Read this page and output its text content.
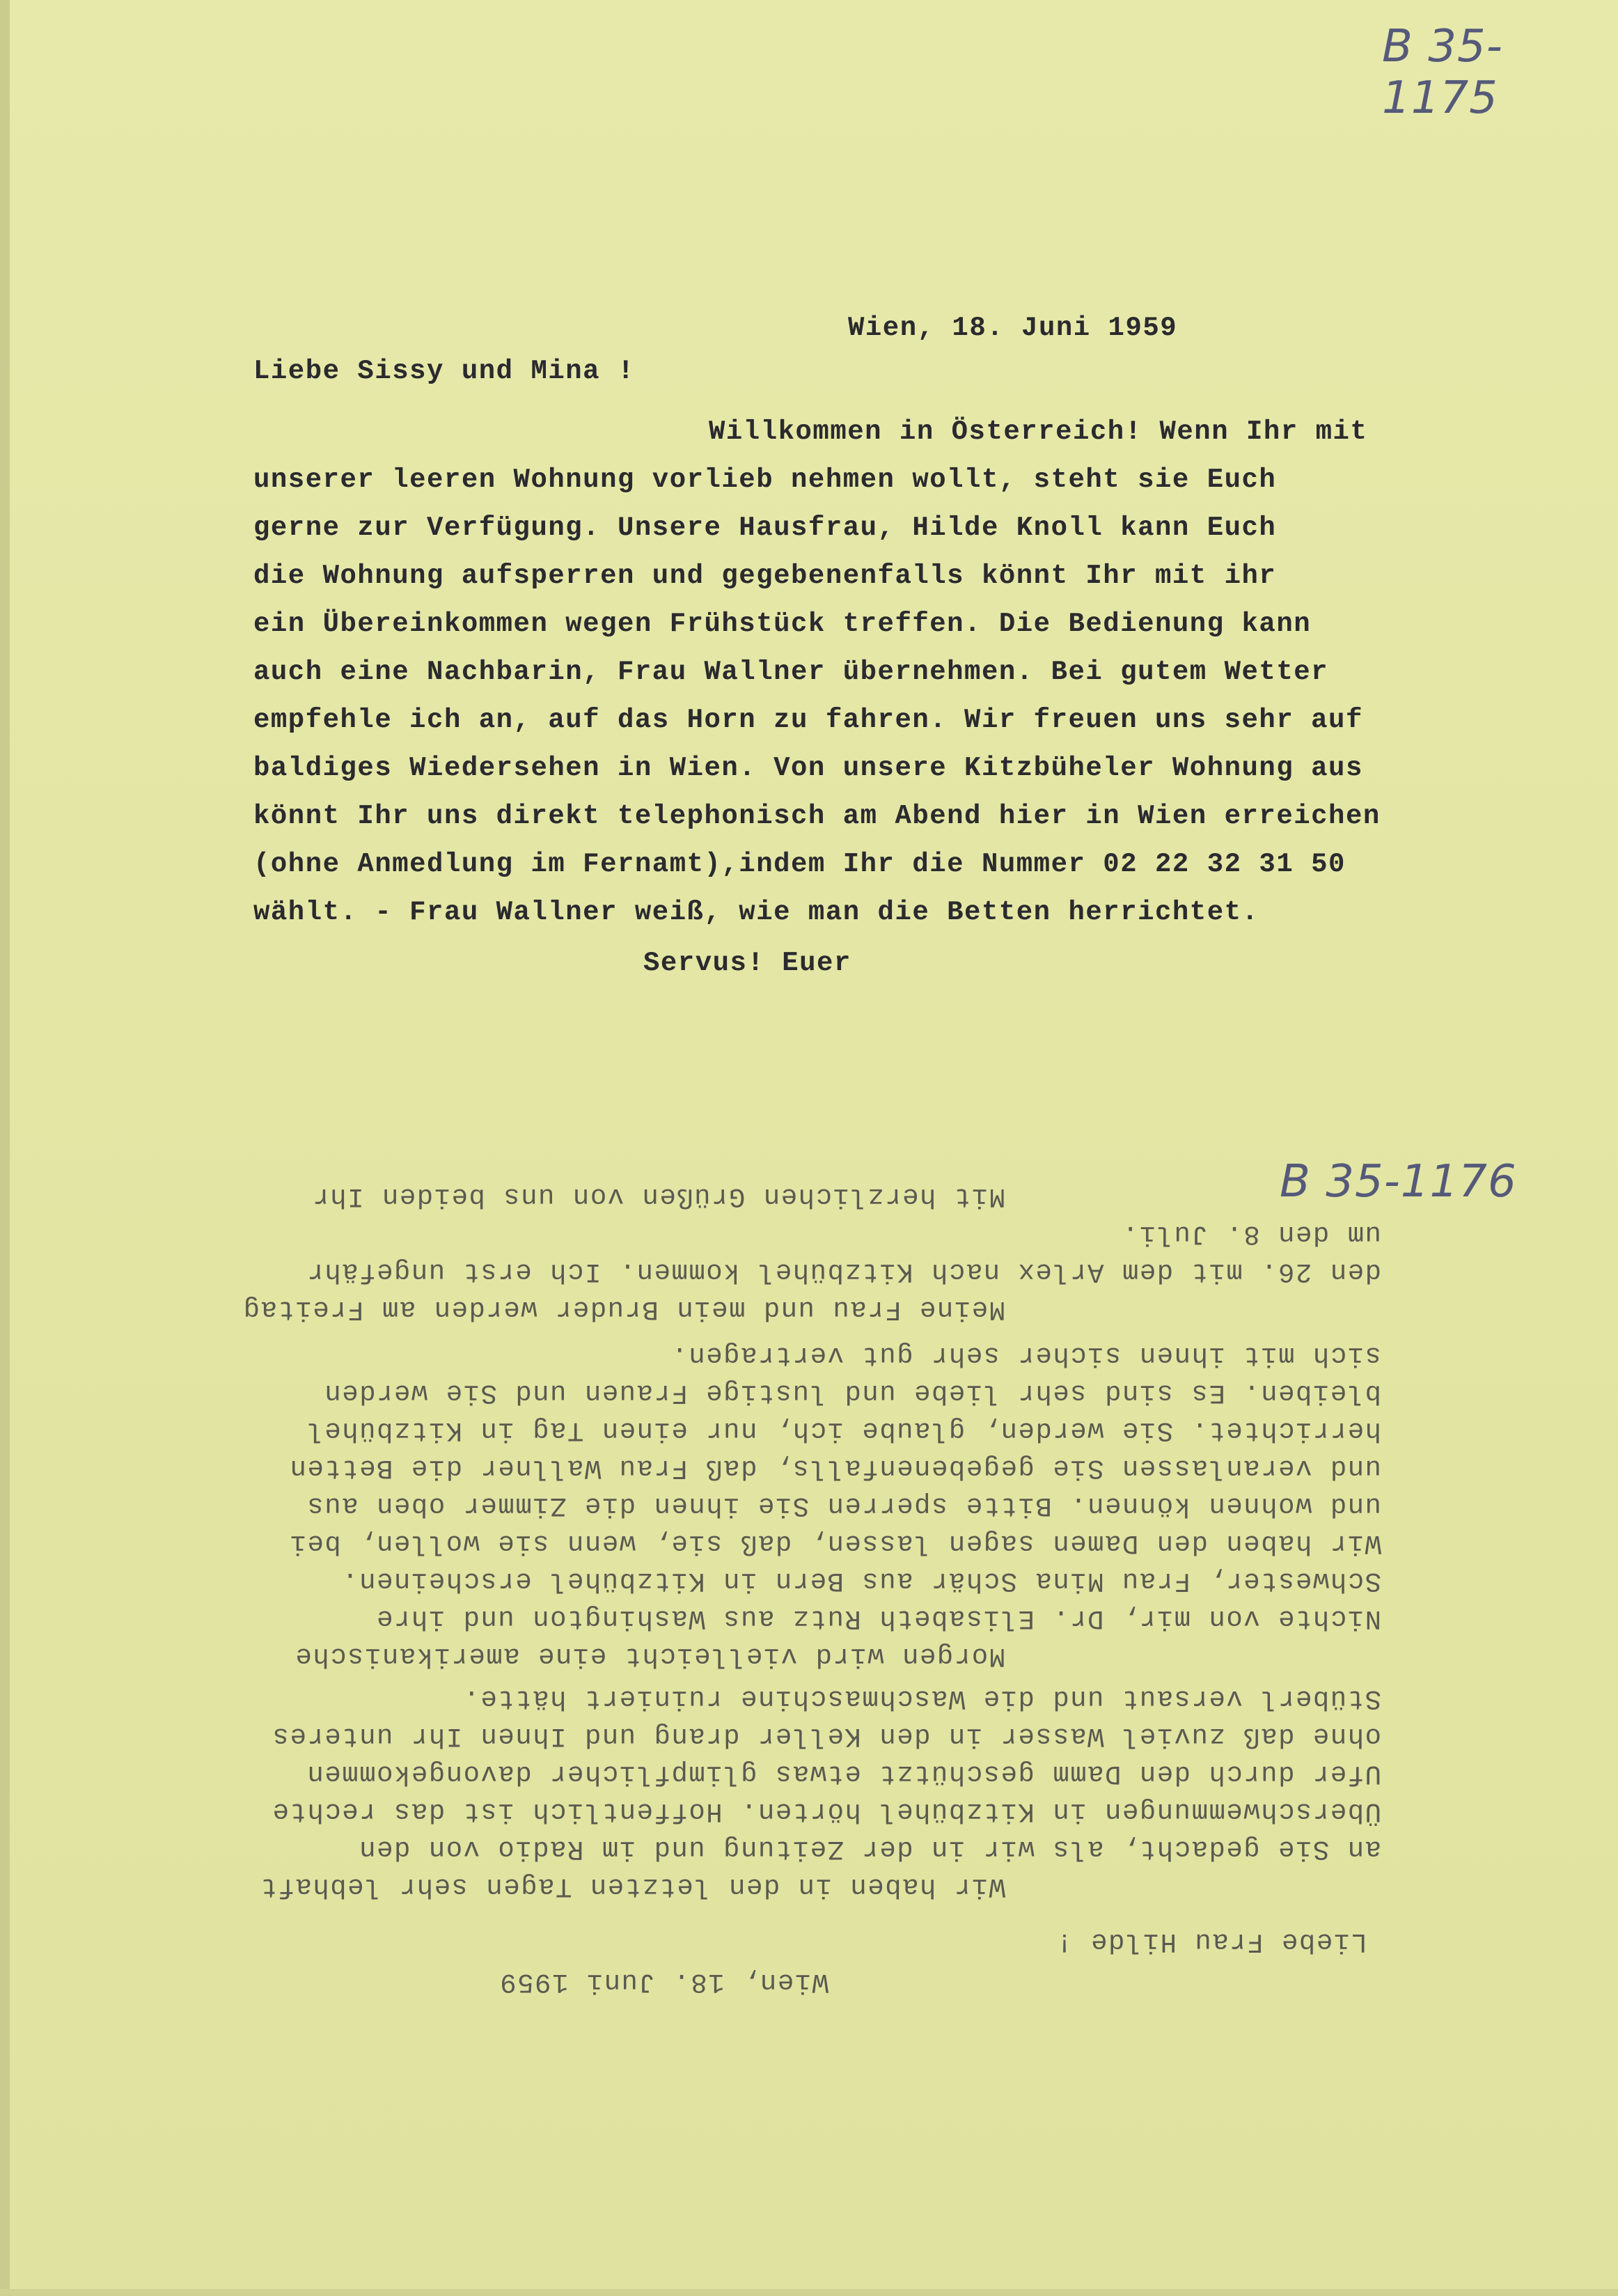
B 35-1175
Wien, 18. Juni 1959
Liebe Sissy und Mina !
Willkommen in Österreich! Wenn Ihr mit
unserer leeren Wohnung vorlieb nehmen wollt, steht sie Euch
gerne zur Verfügung. Unsere Hausfrau, Hilde Knoll kann Euch
die Wohnung aufsperren und gegebenenfalls könnt Ihr mit ihr
ein Übereinkommen wegen Frühstück treffen. Die Bedienung kann
auch eine Nachbarin, Frau Wallner übernehmen. Bei gutem Wetter
empfehle ich an, auf das Horn zu fahren. Wir freuen uns sehr auf
baldiges Wiedersehen in Wien. Von unsere Kitzbüheler Wohnung aus
könnt Ihr uns direkt telephonisch am Abend hier in Wien erreichen
(ohne Anmedlung im Fernamt),indem Ihr die Nummer 02 22 32 31 50
wählt. - Frau Wallner weiß, wie man die Betten herrichtet.
Servus! Euer
B 35-1176
Wien, 18. Juni 1959
Liebe Frau Hilde !
Wir haben in den letzten Tagen sehr lebhaft
an Sie gedacht, als wir in der Zeitung und im Radio von den
Überschwemmungen in Kitzbühel hörten. Hoffentlich ist das rechte
Ufer durch den Damm geschützt etwas glimpflicher davongekommen
ohne daß zuviel Wasser in den Keller drang und Ihnen Ihr unteres
Stüberl versaut und die Waschmaschine ruiniert hätte.
Morgen wird vielleicht eine amerikanische
Nichte von mir, Dr. Elisabeth Rutz aus Washington und ihre
Schwester, Frau Mina Schär aus Bern in Kitzbühel erscheinen.
Wir haben den Damen sagen lassen, daß sie, wenn sie wollen, bei
und wohnen können. Bitte sperren Sie ihnen die Zimmer oben aus
und veranlassen Sie gegebenenfalls, daß Frau Wallner die Betten
herrichtet. Sie werden, glaube ich, nur einen Tag in Kitzbühel
bleiben. Es sind sehr liebe und lustige Frauen und Sie werden
sich mit ihnen sicher sehr gut vertragen.
Meine Frau und mein Bruder werden am Freitag
den 26. mit dem Arlex nach Kitzbühel kommen. Ich erst ungefähr
um den 8. Juli.
Mit herzlichen Grüßen von uns beiden Ihr
